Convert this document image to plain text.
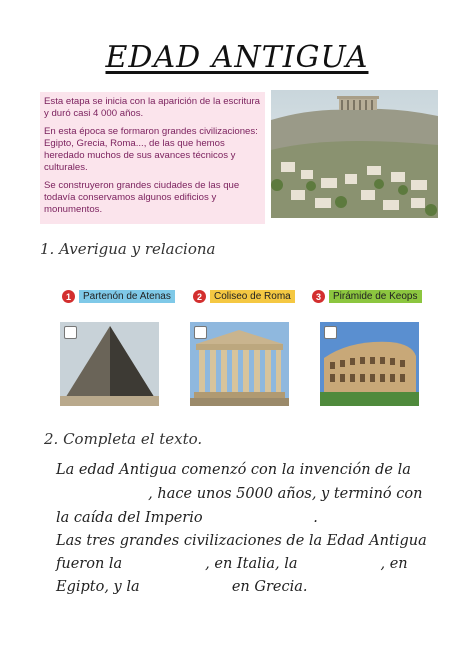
EDAD ANTIGUA

Esta etapa se inicia con la aparición de la escritura y duró casi 4 000 años.

En esta época se formaron grandes civilizaciones: Egipto, Grecia, Roma..., de las que hemos heredado muchos de sus avances técnicos y culturales.

Se construyeron grandes ciudades de las que todavía conservamos algunos edificios y monumentos.

1. Averigua y relaciona
1	Partenón de Atenas	2	Coliseo de Roma	3	Pirámide de Keops
2. Completa el texto.
La edad Antigua comenzó con la invención de la
, hace unos 5000 años, y terminó con
la caída del Imperio                        .
Las tres grandes civilizaciones de la Edad Antigua
fueron la                  , en Italia, la                  , en
Egipto, y la                    en Grecia.
